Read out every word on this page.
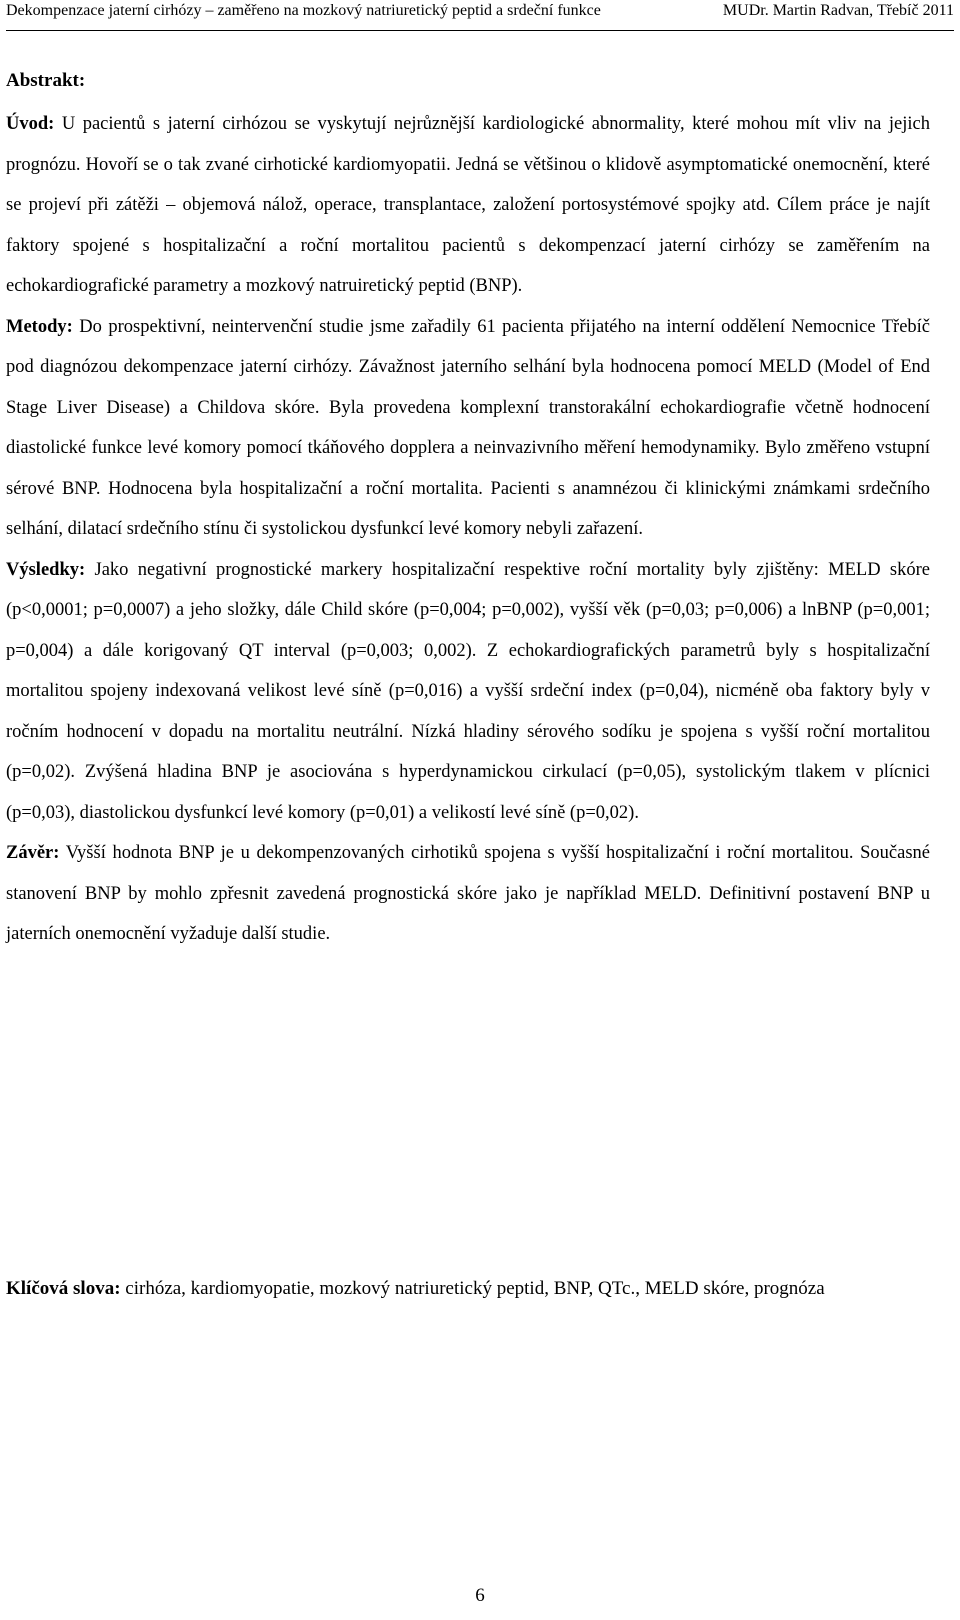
Dekompenzace jaterní cirhózy – zaměřeno na mozkový natriuretický peptid a srdeční funkce	MUDr. Martin Radvan, Třebíč 2011
Abstrakt:

Úvod: U pacientů s jaterní cirhózou se vyskytují nejrůznější kardiologické abnormality, které mohou mít vliv na jejich prognózu. Hovoří se o tak zvané cirhotické kardiomyopatii. Jedná se většinou o klidově asymptomatické onemocnění, které se projeví při zátěži – objemová nálož, operace, transplantace, založení portosystémové spojky atd. Cílem práce je najít faktory spojené s hospitalizační a roční mortalitou pacientů s dekompenzací jaterní cirhózy se zaměřením na echokardiografické parametry a mozkový natruiretický peptid (BNP).

Metody: Do prospektivní, neintervenční studie jsme zařadily 61 pacienta přijatého na interní oddělení Nemocnice Třebíč pod diagnózou dekompenzace jaterní cirhózy. Závažnost jaterního selhání byla hodnocena pomocí MELD (Model of End Stage Liver Disease) a Childova skóre. Byla provedena komplexní transtorakální echokardiografie včetně hodnocení diastolické funkce levé komory pomocí tkáňového dopplera a neinvazivního měření hemodynamiky. Bylo změřeno vstupní sérové BNP. Hodnocena byla hospitalizační a roční mortalita. Pacienti s anamnézou či klinickými známkami srdečního selhání, dilatací srdečního stínu či systolickou dysfunkcí levé komory nebyli zařazení.

Výsledky: Jako negativní prognostické markery hospitalizační respektive roční mortality byly zjištěny: MELD skóre (p<0,0001; p=0,0007) a jeho složky, dále Child skóre (p=0,004; p=0,002), vyšší věk (p=0,03; p=0,006) a lnBNP (p=0,001; p=0,004) a dále korigovaný QT interval (p=0,003; 0,002). Z echokardiografických parametrů byly s hospitalizační mortalitou spojeny indexovaná velikost levé síně (p=0,016) a vyšší srdeční index (p=0,04), nicméně oba faktory byly v ročním hodnocení v dopadu na mortalitu neutrální. Nízká hladiny sérového sodíku je spojena s vyšší roční mortalitou (p=0,02). Zvýšená hladina BNP je asociována s hyperdynamickou cirkulací (p=0,05), systolickým tlakem v plícnici (p=0,03), diastolickou dysfunkcí levé komory (p=0,01) a velikostí levé síně (p=0,02).

Závěr: Vyšší hodnota BNP je u dekompenzovaných cirhotiků spojena s vyšší hospitalizační i roční mortalitou. Současné stanovení BNP by mohlo zpřesnit zavedená prognostická skóre jako je například MELD. Definitivní postavení BNP u jaterních onemocnění vyžaduje další studie.

Klíčová slova: cirhóza, kardiomyopatie, mozkový natriuretický peptid, BNP, QTc., MELD skóre, prognóza
6
